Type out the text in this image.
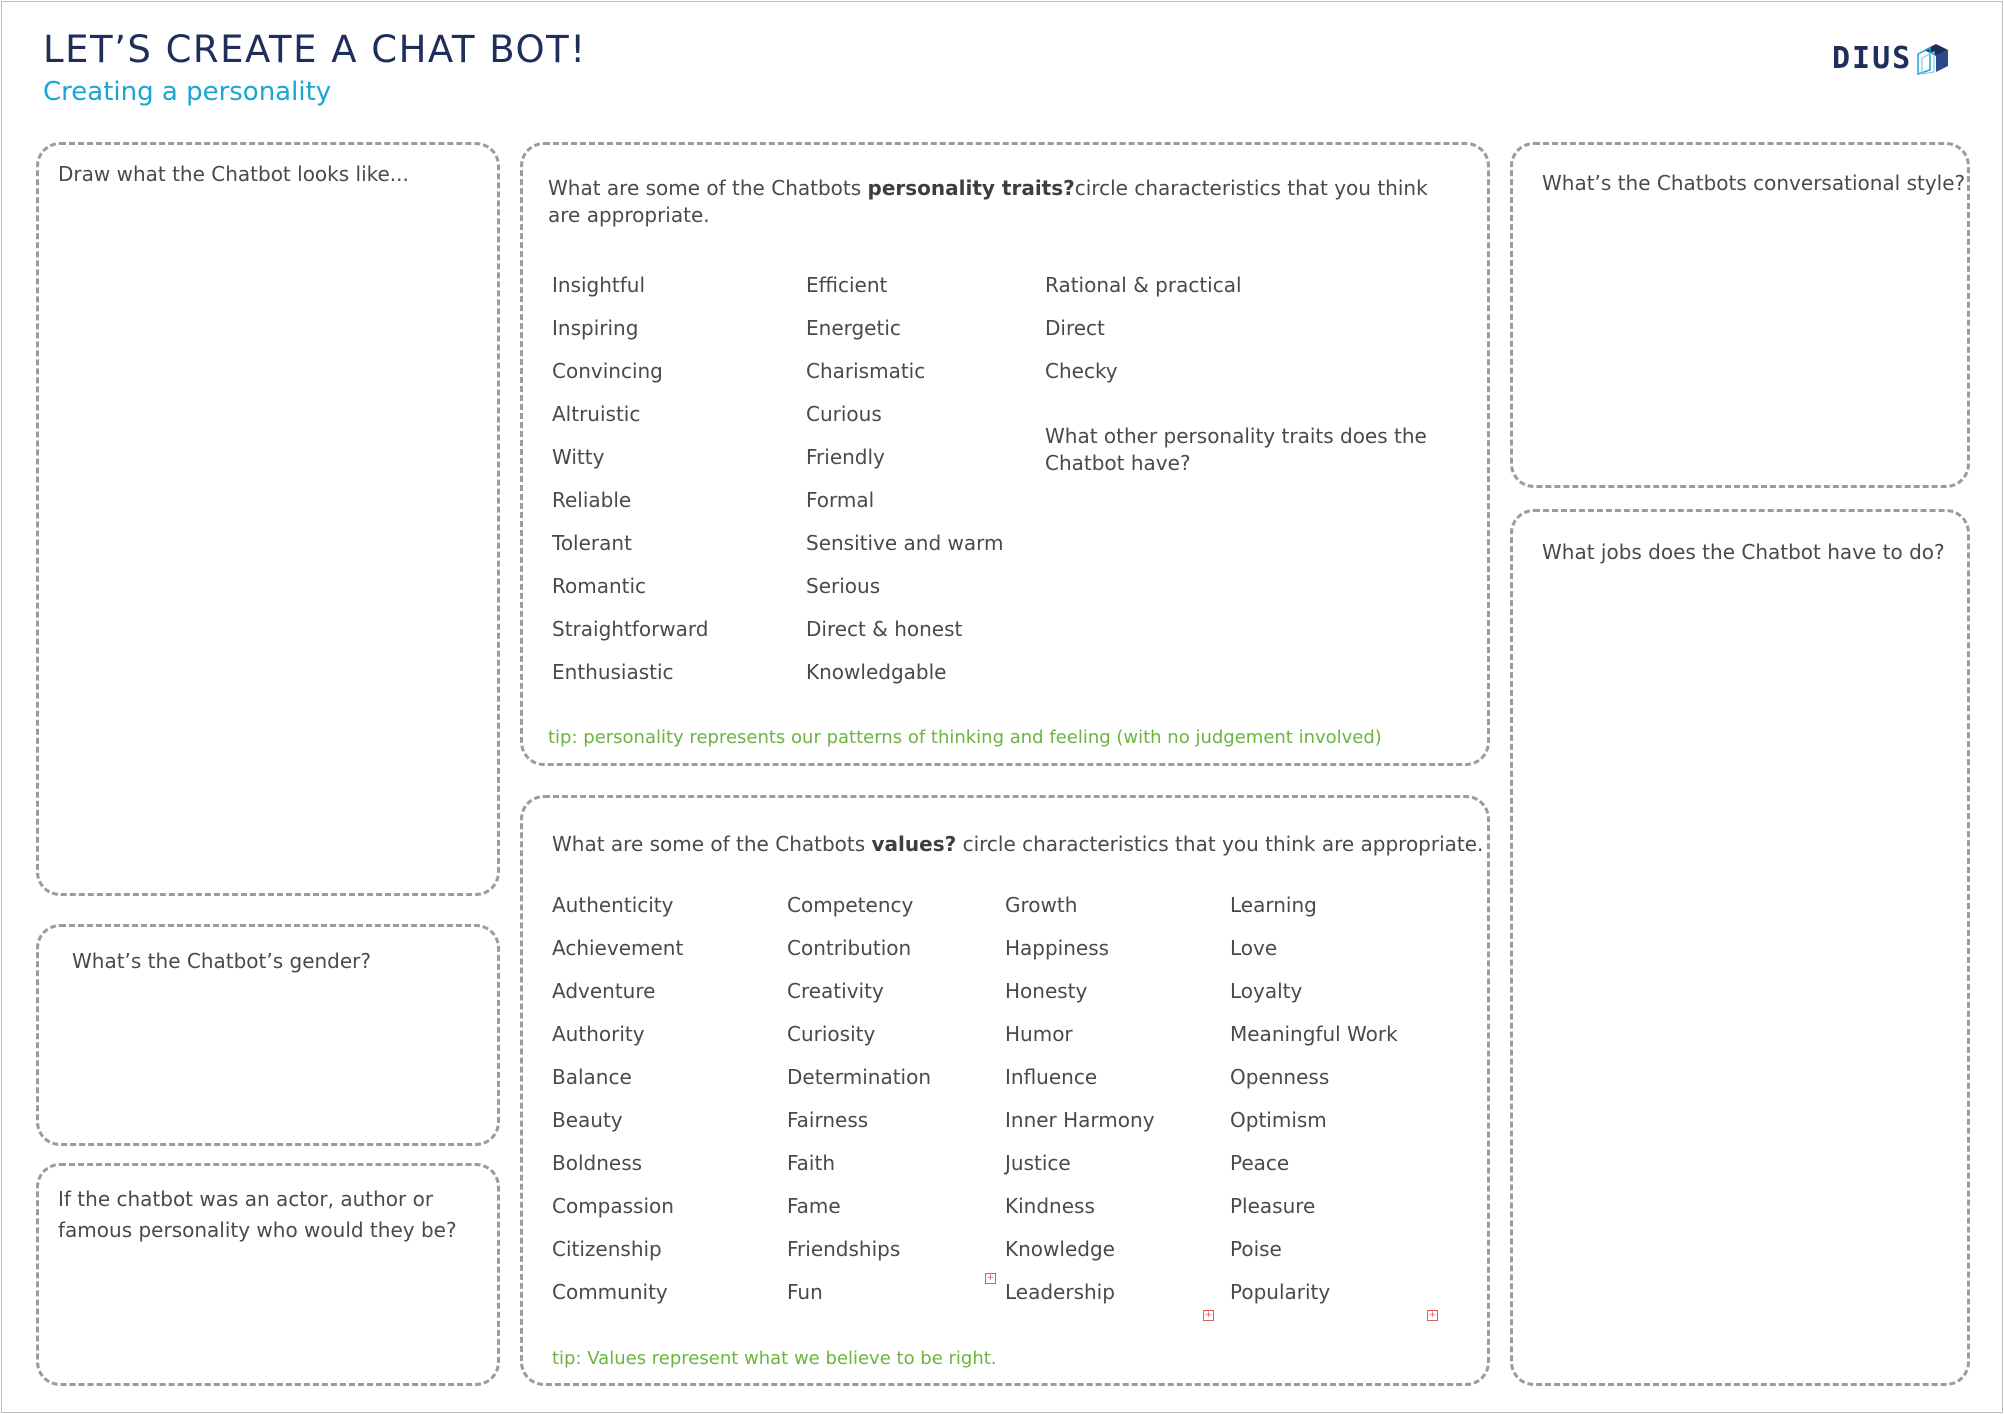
LET’S CREATE A CHAT BOT!
Creating a personality
DIUS
Draw what the Chatbot looks like...
What’s the Chatbot’s gender?
If the chatbot was an actor, author or famous personality who would they be?
What are some of the Chatbots personality traits?circle characteristics that you think are appropriate.
Insightful
Inspiring
Convincing
Altruistic
Witty
Reliable
Tolerant
Romantic
Straightforward
Enthusiastic
Efficient
Energetic
Charismatic
Curious
Friendly
Formal
Sensitive and warm
Serious
Direct & honest
Knowledgable
Rational & practical
Direct
Checky
What other personality traits does the Chatbot have?
tip: personality represents our patterns of thinking and feeling (with no judgement involved)
What are some of the Chatbots values? circle characteristics that you think are appropriate.
Authenticity
Achievement
Adventure
Authority
Balance
Beauty
Boldness
Compassion
Citizenship
Community
Competency
Contribution
Creativity
Curiosity
Determination
Fairness
Faith
Fame
Friendships
Fun
Growth
Happiness
Honesty
Humor
Influence
Inner Harmony
Justice
Kindness
Knowledge
Leadership
Learning
Love
Loyalty
Meaningful Work
Openness
Optimism
Peace
Pleasure
Poise
Popularity
+
+	+
tip: Values represent what we believe to be right.
What’s the Chatbots conversational style?
What jobs does the Chatbot have to do?
